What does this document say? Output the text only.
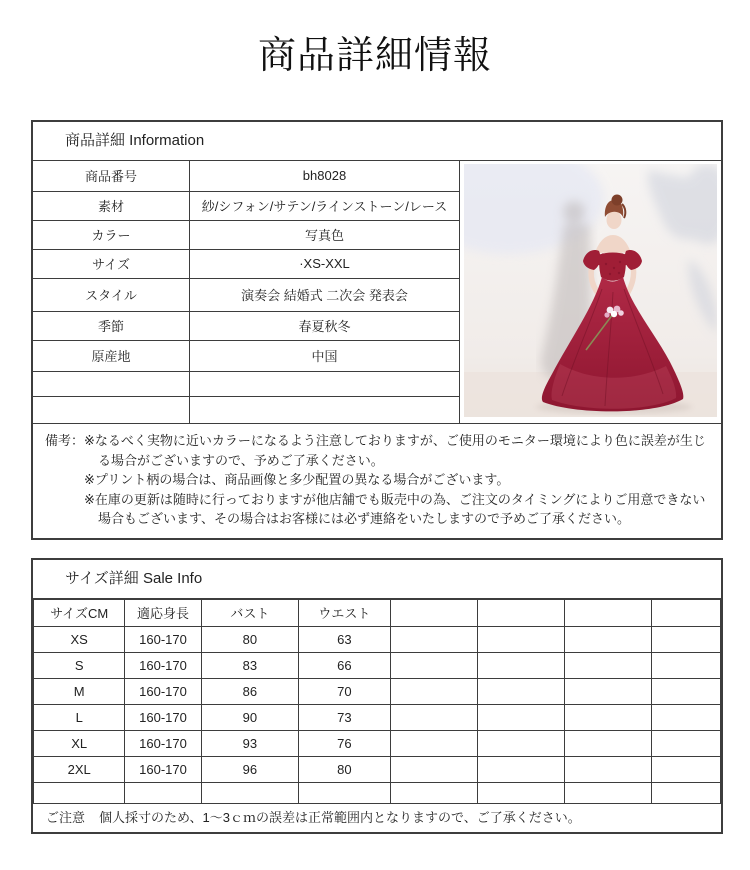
商品詳細情報
商品詳細 Information
商品番号	bh8028
素材	紗/シフォン/サテン/ラインストーン/レース
カラー	写真色
サイズ	·XS-XXL
スタイル	演奏会 結婚式 二次会 発表会
季節	春夏秋冬
原産地	中国

備考： ※なるべく実物に近いカラーになるよう注意しておりますが、ご使用のモニター環境により色に誤差が生じる場合がございますので、予めご了承ください。
※プリント柄の場合は、商品画像と多少配置の異なる場合がございます。
※在庫の更新は随時に行っておりますが他店舗でも販売中の為、ご注文のタイミングによりご用意できない場合もございます、その場合はお客様には必ず連絡をいたしますので予めご了承ください。
サイズ詳細 Sale Info
サイズCM	適応身長	バスト	ウエスト				
XS	160-170	80	63				
S	160-170	83	66				
M	160-170	86	70				
L	160-170	90	73				
XL	160-170	93	76				
2XL	160-170	96	80				

ご注意 個人採寸のため、1～3ｃｍの誤差は正常範囲内となりますので、ご了承ください。
